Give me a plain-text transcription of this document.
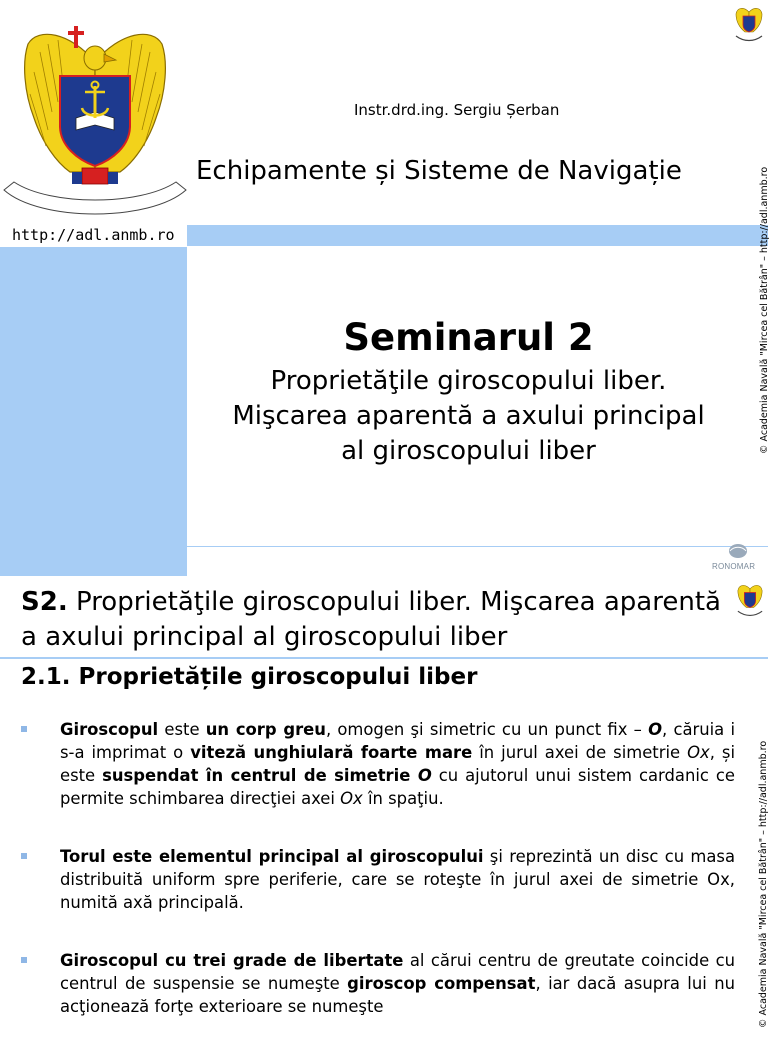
Instr.drd.ing. Sergiu Șerban
Echipamente și Sisteme de Navigație
http://adl.anmb.ro
Seminarul 2
Proprietăţile giroscopului liber.
Mişcarea aparentă a axului principal
al giroscopului liber	© Academia Navală "Mircea cel Bătrân" – http://adl.anmb.ro
RONOMAR
S2. Proprietăţile giroscopului liber. Mişcarea aparentă a axului principal al giroscopului liber
2.1. Proprietățile giroscopului liber
Giroscopul este un corp greu, omogen şi simetric cu un punct fix – O, căruia i s-a imprimat o viteză unghiulară foarte mare în jurul axei de simetrie Ox, și este suspendat în centrul de simetrie O cu ajutorul unui sistem cardanic ce permite schimbarea direcţiei axei Ox în spaţiu.
Torul este elementul principal al giroscopului şi reprezintă un disc cu masa distribuită uniform spre periferie, care se roteşte în jurul axei de simetrie Ox, numită axă principală.
Giroscopul cu trei grade de libertate al cărui centru de greutate coincide cu centrul de suspensie se numeşte giroscop compensat, iar dacă asupra lui nu acţionează forţe exterioare se numeşte	© Academia Navală "Mircea cel Bătrân" – http://adl.anmb.ro
